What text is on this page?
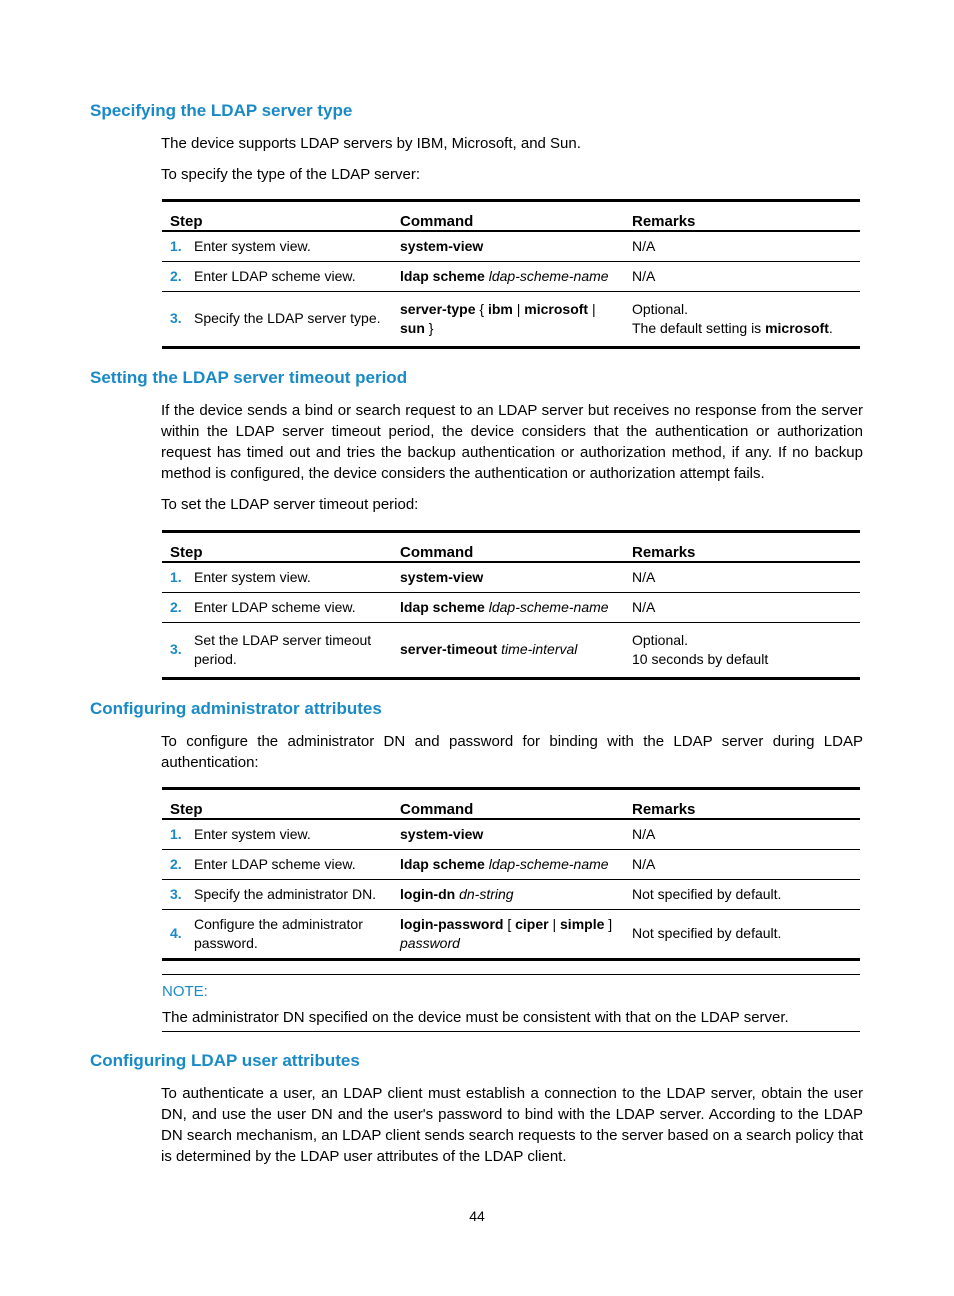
Specifying the LDAP server type

The device supports LDAP servers by IBM, Microsoft, and Sun.

To specify the type of the LDAP server:

Step		Command	Remarks
1.	Enter system view.	system-view	N/A
2.	Enter LDAP scheme view.	ldap scheme ldap-scheme-name	N/A
3.	Specify the LDAP server type.	server-type { ibm | microsoft |
sun }	Optional.
The default setting is microsoft.
Setting the LDAP server timeout period

If the device sends a bind or search request to an LDAP server but receives no response from the server within the LDAP server timeout period, the device considers that the authentication or authorization request has timed out and tries the backup authentication or authorization method, if any. If no backup method is configured, the device considers the authentication or authorization attempt fails.

To set the LDAP server timeout period:

Step		Command	Remarks
1.	Enter system view.	system-view	N/A
2.	Enter LDAP scheme view.	ldap scheme ldap-scheme-name	N/A
3.	Set the LDAP server timeout period.	server-timeout time-interval	Optional.
10 seconds by default
Configuring administrator attributes

To configure the administrator DN and password for binding with the LDAP server during LDAP authentication:

Step		Command	Remarks
1.	Enter system view.	system-view	N/A
2.	Enter LDAP scheme view.	ldap scheme ldap-scheme-name	N/A
3.	Specify the administrator DN.	login-dn dn-string	Not specified by default.
4.	Configure the administrator password.	login-password [ ciper | simple ]
password	Not specified by default.
NOTE:
The administrator DN specified on the device must be consistent with that on the LDAP server.
Configuring LDAP user attributes

To authenticate a user, an LDAP client must establish a connection to the LDAP server, obtain the user DN, and use the user DN and the user's password to bind with the LDAP server. According to the LDAP DN search mechanism, an LDAP client sends search requests to the server based on a search policy that is determined by the LDAP user attributes of the LDAP client.

44
